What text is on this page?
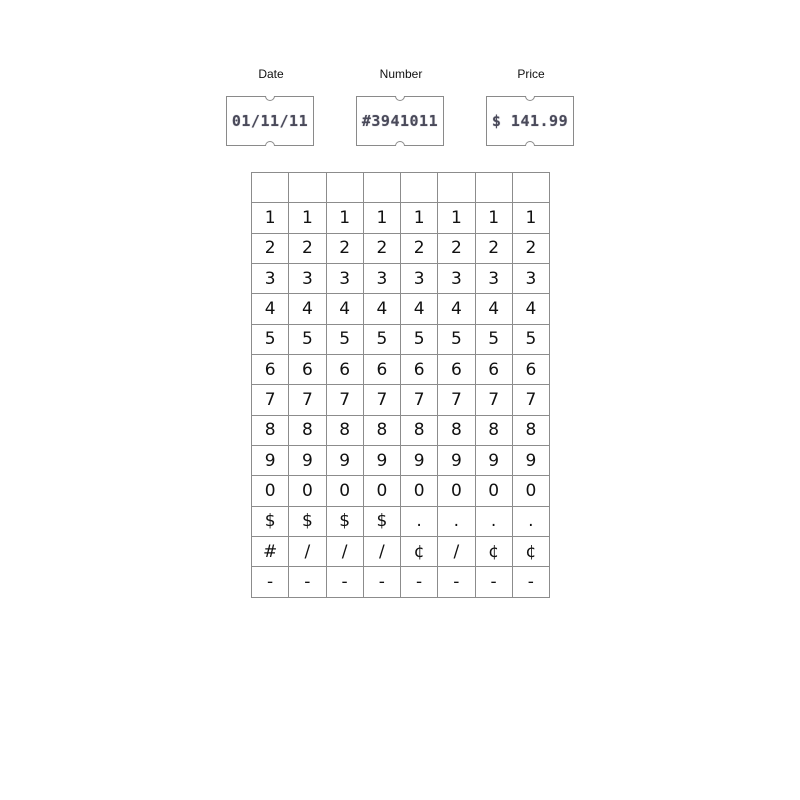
Date
01/11/11
Number
#3941011
Price
$ 141.99

1	1	1	1	1	1	1	1
2	2	2	2	2	2	2	2
3	3	3	3	3	3	3	3
4	4	4	4	4	4	4	4
5	5	5	5	5	5	5	5
6	6	6	6	6	6	6	6
7	7	7	7	7	7	7	7
8	8	8	8	8	8	8	8
9	9	9	9	9	9	9	9
0	0	0	0	0	0	0	0
$	$	$	$	.	.	.	.
#	/	/	/	¢	/	¢	¢
-	-	-	-	-	-	-	-
